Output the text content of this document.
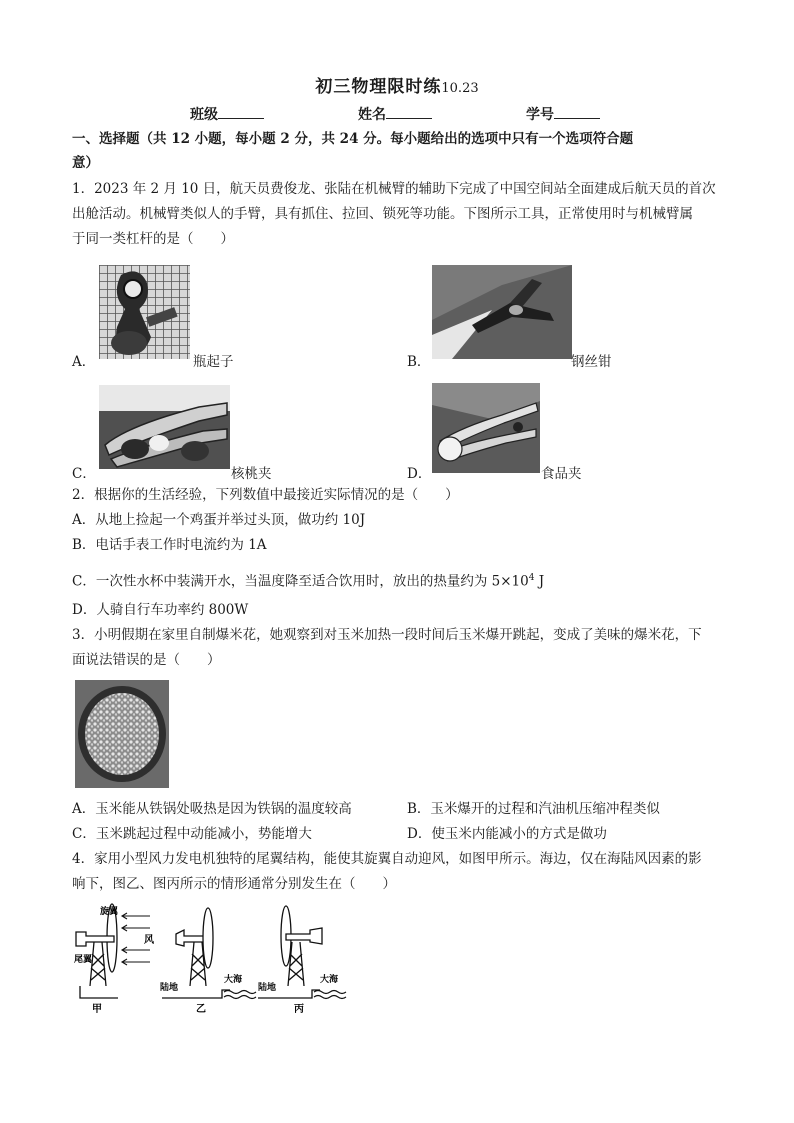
初三物理限时练10.23
班级	姓名	学号
一、选择题（共 12 小题，每小题 2 分，共 24 分。每小题给出的选项中只有一个选项符合题
意）
1．2023 年 2 月 10 日，航天员费俊龙、张陆在机械臂的辅助下完成了中国空间站全面建成后航天员的首次
出舱活动。机械臂类似人的手臂，具有抓住、拉回、锁死等功能。下图所示工具，正常使用时与机械臂属
于同一类杠杆的是（　　）
A．	瓶起子	B．	钢丝钳
C．	核桃夹	D．	食品夹
2．根据你的生活经验，下列数值中最接近实际情况的是（　　）
A．从地上捡起一个鸡蛋并举过头顶，做功约 10J
B．电话手表工作时电流约为 1A
C．一次性水杯中装满开水，当温度降至适合饮用时，放出的热量约为 $5\times 10^4$ J
D．人骑自行车功率约 800W
3．小明假期在家里自制爆米花，她观察到对玉米加热一段时间后玉米爆开跳起，变成了美味的爆米花，下
面说法错误的是（　　）
A．玉米能从铁锅处吸热是因为铁锅的温度较高	B．玉米爆开的过程和汽油机压缩冲程类似
C．玉米跳起过程中动能减小，势能增大	D．使玉米内能减小的方式是做功
4．家用小型风力发电机独特的尾翼结构，能使其旋翼自动迎风，如图甲所示。海边，仅在海陆风因素的影
响下，图乙、图丙所示的情形通常分别发生在（　　）
旋翼
尾翼
风
甲
陆地
大海
乙
陆地
大海
丙
